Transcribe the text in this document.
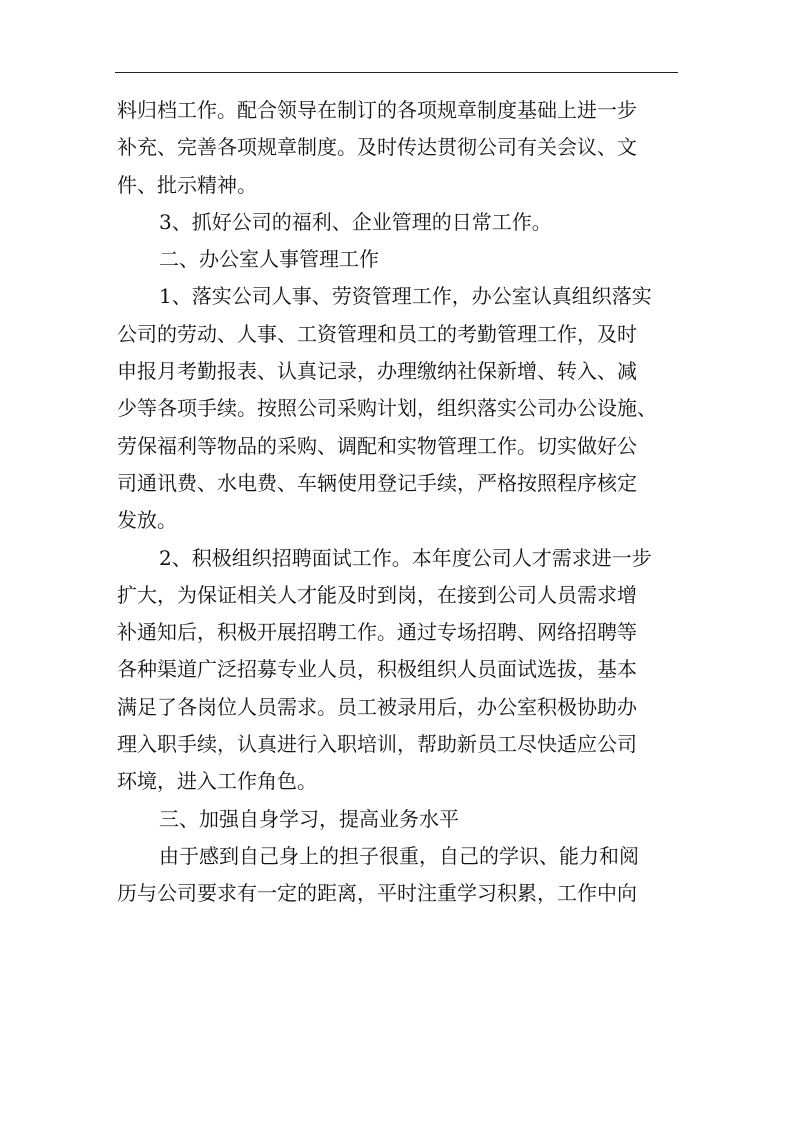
料归档工作。配合领导在制订的各项规章制度基础上进一步
补充、完善各项规章制度。及时传达贯彻公司有关会议、文
件、批示精神。
3、抓好公司的福利、企业管理的日常工作。
二、办公室人事管理工作
1、落实公司人事、劳资管理工作，办公室认真组织落实
公司的劳动、人事、工资管理和员工的考勤管理工作，及时
申报月考勤报表、认真记录，办理缴纳社保新增、转入、减
少等各项手续。按照公司采购计划，组织落实公司办公设施、
劳保福利等物品的采购、调配和实物管理工作。切实做好公
司通讯费、水电费、车辆使用登记手续，严格按照程序核定
发放。
2、积极组织招聘面试工作。本年度公司人才需求进一步
扩大，为保证相关人才能及时到岗，在接到公司人员需求增
补通知后，积极开展招聘工作。通过专场招聘、网络招聘等
各种渠道广泛招募专业人员，积极组织人员面试选拔，基本
满足了各岗位人员需求。员工被录用后，办公室积极协助办
理入职手续，认真进行入职培训，帮助新员工尽快适应公司
环境，进入工作角色。
三、加强自身学习，提高业务水平
由于感到自己身上的担子很重，自己的学识、能力和阅
历与公司要求有一定的距离，平时注重学习积累，工作中向
